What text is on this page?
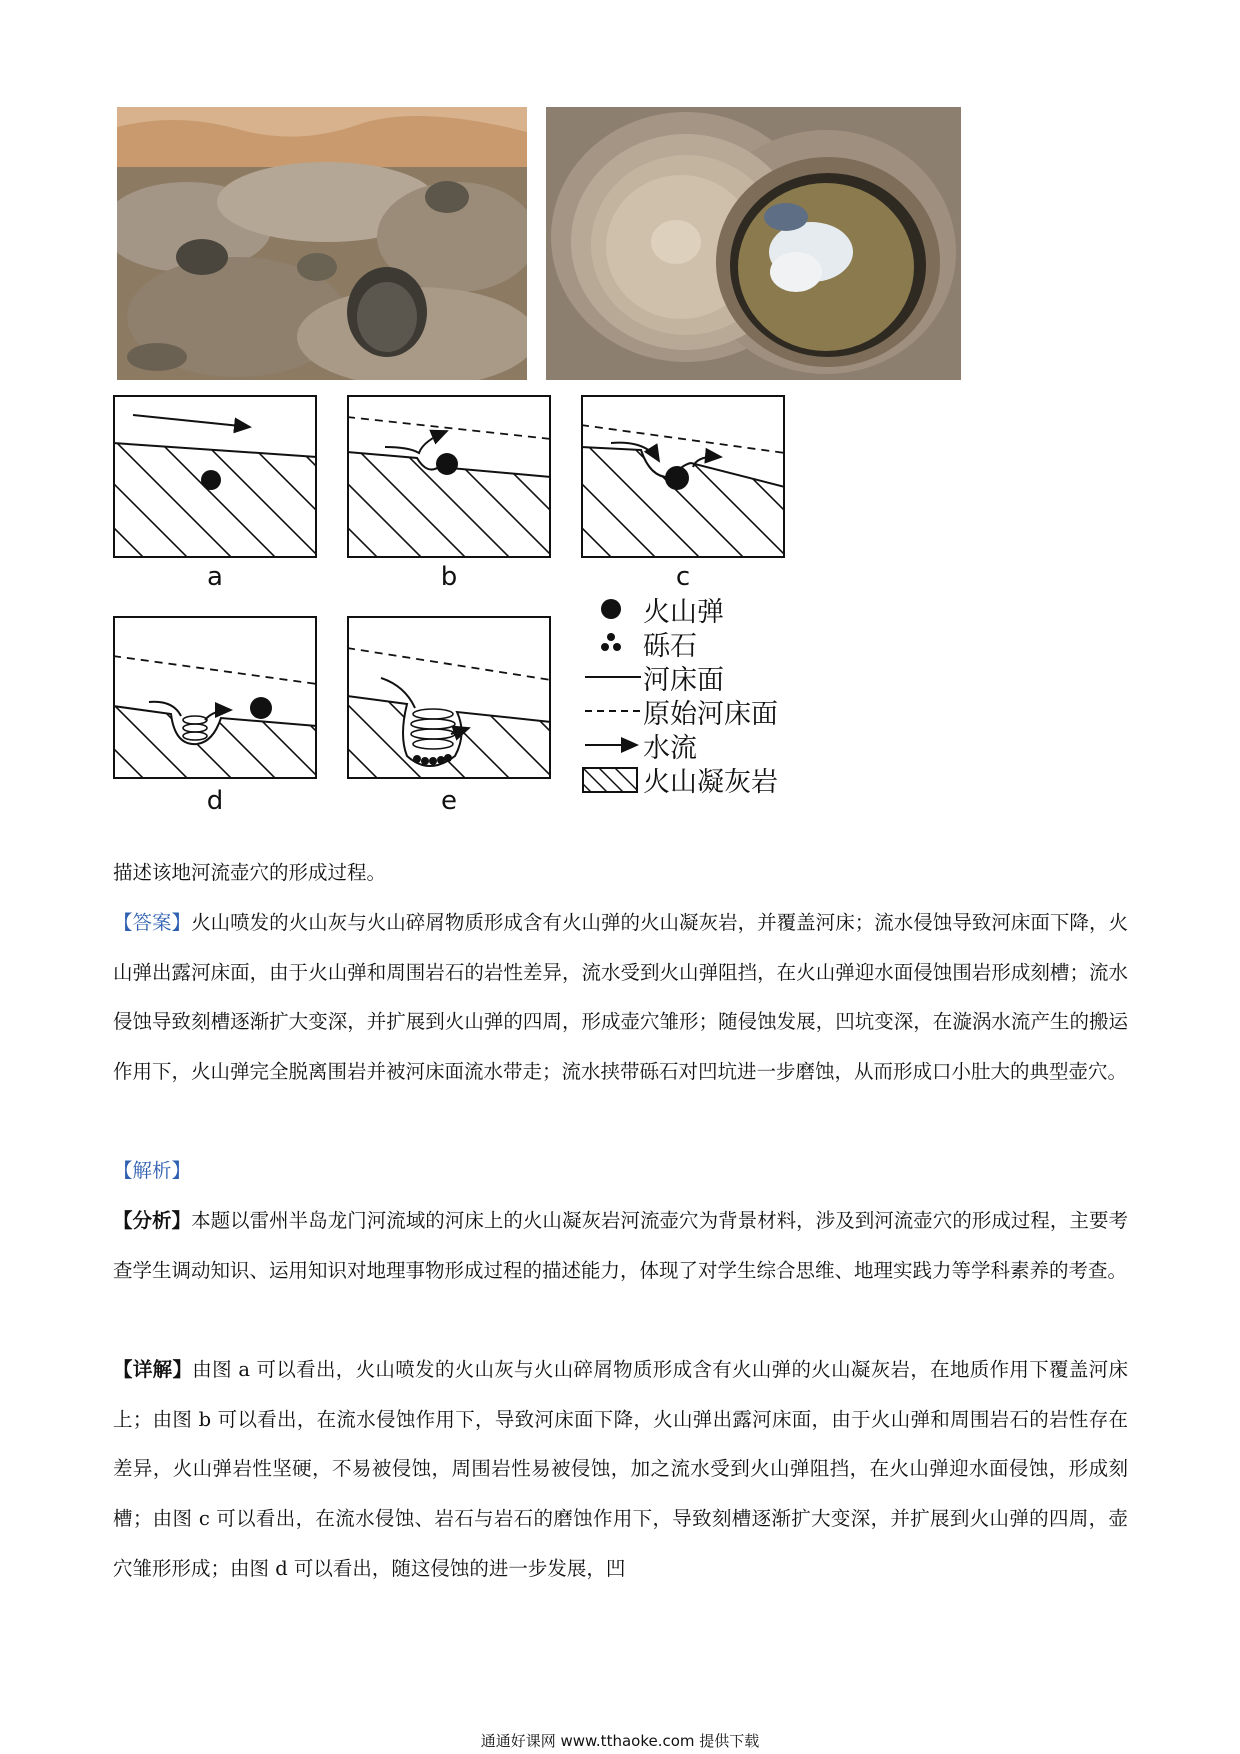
a	b	c
d	e
火山弹
砾石
河床面
原始河床面
水流
火山凝灰岩

描述该地河流壶穴的形成过程。

【答案】火山喷发的火山灰与火山碎屑物质形成含有火山弹的火山凝灰岩，并覆盖河床；流水侵蚀导致河床面下降，火山弹出露河床面，由于火山弹和周围岩石的岩性差异，流水受到火山弹阻挡，在火山弹迎水面侵蚀围岩形成刻槽；流水侵蚀导致刻槽逐渐扩大变深，并扩展到火山弹的四周，形成壶穴雏形；随侵蚀发展，凹坑变深，在漩涡水流产生的搬运作用下，火山弹完全脱离围岩并被河床面流水带走；流水挟带砾石对凹坑进一步磨蚀，从而形成口小肚大的典型壶穴。

【解析】

【分析】本题以雷州半岛龙门河流域的河床上的火山凝灰岩河流壶穴为背景材料，涉及到河流壶穴的形成过程，主要考查学生调动知识、运用知识对地理事物形成过程的描述能力，体现了对学生综合思维、地理实践力等学科素养的考查。

【详解】由图 a 可以看出，火山喷发的火山灰与火山碎屑物质形成含有火山弹的火山凝灰岩，在地质作用下覆盖河床上；由图 b 可以看出，在流水侵蚀作用下，导致河床面下降，火山弹出露河床面，由于火山弹和周围岩石的岩性存在差异，火山弹岩性坚硬，不易被侵蚀，周围岩性易被侵蚀，加之流水受到火山弹阻挡，在火山弹迎水面侵蚀，形成刻槽；由图 c 可以看出，在流水侵蚀、岩石与岩石的磨蚀作用下，导致刻槽逐渐扩大变深，并扩展到火山弹的四周，壶穴雏形形成；由图 d 可以看出，随这侵蚀的进一步发展，凹

通通好课网 www.tthaoke.com 提供下载
